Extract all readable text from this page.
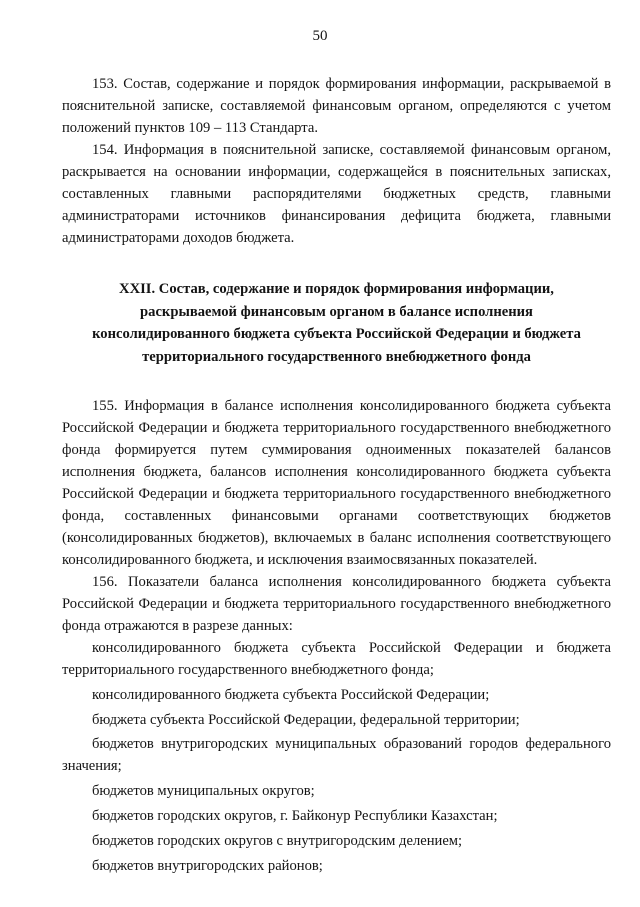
50

153. Состав, содержание и порядок формирования информации, раскрываемой в пояснительной записке, составляемой финансовым органом, определяются с учетом положений пунктов 109 – 113 Стандарта.

154. Информация в пояснительной записке, составляемой финансовым органом, раскрывается на основании информации, содержащейся в пояснительных записках, составленных главными распорядителями бюджетных средств, главными администраторами источников финансирования дефицита бюджета, главными администраторами доходов бюджета.

XXII. Состав, содержание и порядок формирования информации,
раскрываемой финансовым органом в балансе исполнения
консолидированного бюджета субъекта Российской Федерации и бюджета
территориального государственного внебюджетного фонда

155. Информация в балансе исполнения консолидированного бюджета субъекта Российской Федерации и бюджета территориального государственного внебюджетного фонда формируется путем суммирования одноименных показателей балансов исполнения бюджета, балансов исполнения консолидированного бюджета субъекта Российской Федерации и бюджета территориального государственного внебюджетного фонда, составленных финансовыми органами соответствующих бюджетов (консолидированных бюджетов), включаемых в баланс исполнения соответствующего консолидированного бюджета, и исключения взаимосвязанных показателей.

156. Показатели баланса исполнения консолидированного бюджета субъекта Российской Федерации и бюджета территориального государственного внебюджетного фонда отражаются в разрезе данных:

консолидированного бюджета субъекта Российской Федерации и бюджета территориального государственного внебюджетного фонда;

консолидированного бюджета субъекта Российской Федерации;

бюджета субъекта Российской Федерации, федеральной территории;

бюджетов внутригородских муниципальных образований городов федерального значения;

бюджетов муниципальных округов;

бюджетов городских округов, г. Байконур Республики Казахстан;

бюджетов городских округов с внутригородским делением;

бюджетов внутригородских районов;
